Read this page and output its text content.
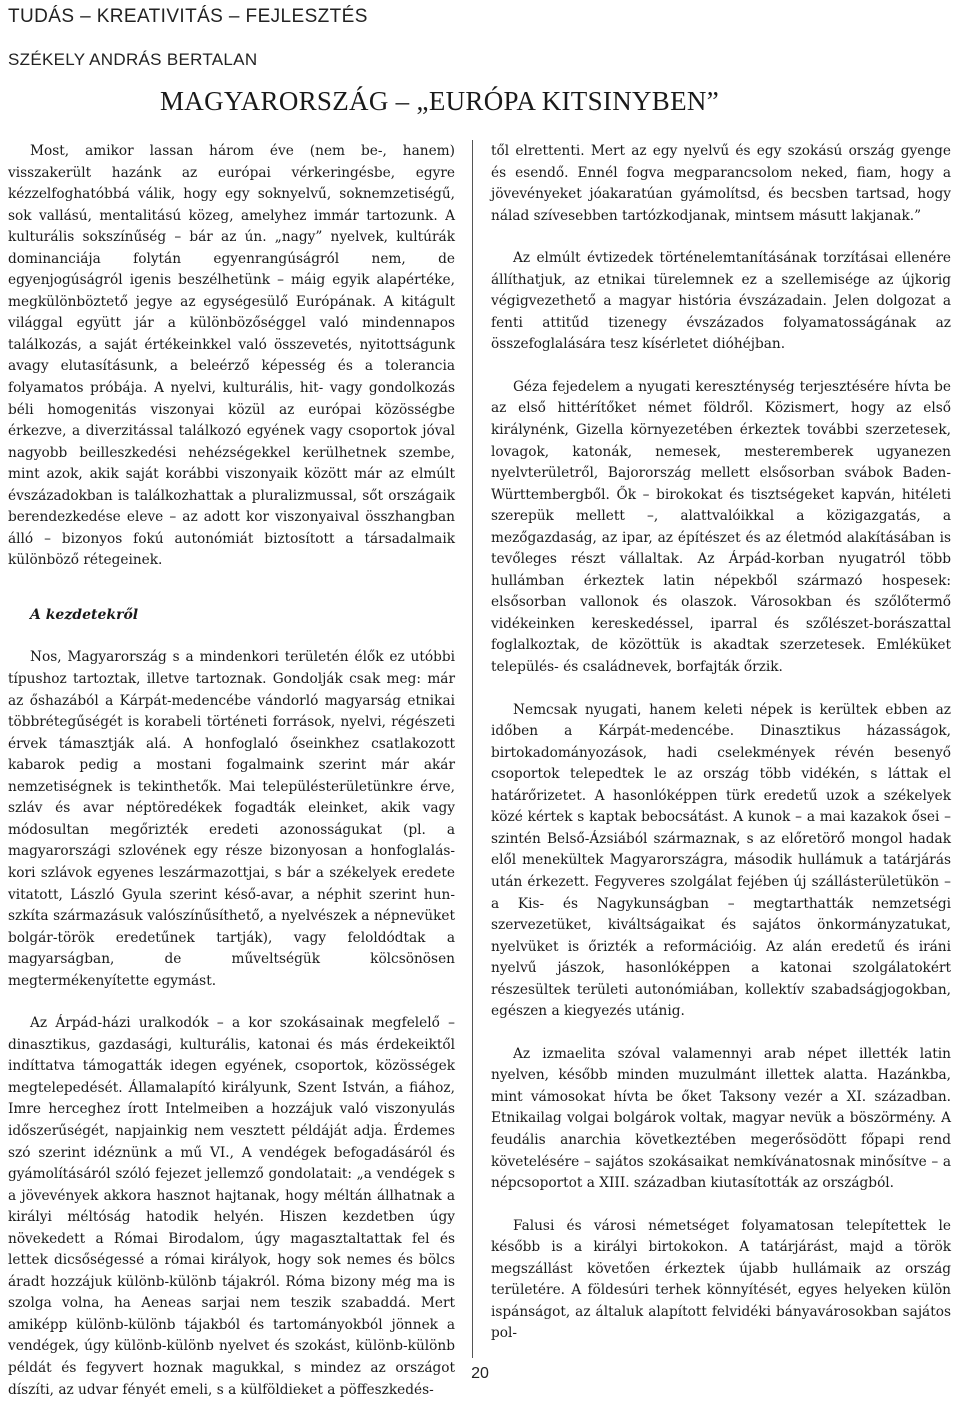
TUDÁS – KREATIVITÁS – FEJLESZTÉS
SZÉKELY ANDRÁS BERTALAN
MAGYARORSZÁG – „EURÓPA KITSINYBEN”

Most, amikor lassan három éve (nem be-, hanem) visszakerült hazánk az európai vérkeringésbe, egyre kézzelfoghatóbbá válik, hogy egy soknyelvű, soknemzetiségű, sok vallású, mentalitású közeg, amelyhez immár tartozunk. A kulturális sokszínűség – bár az ún. „nagy” nyelvek, kultúrák dominanciája folytán egyenrangúságról nem, de egyenjogúságról igenis beszélhetünk – máig egyik alapértéke, megkülönböztető jegye az egységesülő Európának. A kitágult világgal együtt jár a különbözőséggel való mindennapos találkozás, a saját értékeinkkel való összevetés, nyitottságunk avagy elutasításunk, a beleérző képesség és a tolerancia folyamatos próbája. A nyelvi, kulturális, hit- vagy gondolkozás béli homogenitás viszonyai közül az európai közösségbe érkezve, a diverzitással találkozó egyének vagy csoportok jóval nagyobb beilleszkedési nehézségekkel kerülhetnek szembe, mint azok, akik saját korábbi viszonyaik között már az elmúlt évszázadokban is találkozhattak a pluralizmussal, sőt országaik berendezkedése eleve – az adott kor viszonyaival összhangban álló – bizonyos fokú autonómiát biztosított a társadalmaik különböző rétegeinek.

A kezdetekről

Nos, Magyarország s a mindenkori területén élők ez utóbbi típushoz tartoztak, illetve tartoznak. Gondolják csak meg: már az őshazából a Kárpát-medencébe vándorló magyarság etnikai többrétegűségét is korabeli történeti források, nyelvi, régészeti érvek támasztják alá. A honfoglaló őseinkhez csatlakozott kabarok pedig a mostani fogalmaink szerint már akár nemzetiségnek is tekinthetők. Mai településterületünkre érve, szláv és avar néptöredékek fogadták eleinket, akik vagy módosultan megőrizték eredeti azonosságukat (pl. a magyarországi szlovének egy része bizonyosan a honfoglalás-kori szlávok egyenes leszármazottjai, s bár a székelyek eredete vitatott, László Gyula szerint késő-avar, a néphit szerint hun-szkíta származásuk valószínűsíthető, a nyelvészek a népnevüket bolgár-török eredetűnek tartják), vagy feloldódtak a magyarságban, de műveltségük kölcsönösen megtermékenyítette egymást.

Az Árpád-házi uralkodók – a kor szokásainak megfelelő – dinasztikus, gazdasági, kulturális, katonai és más érdekeiktől indíttatva támogatták idegen egyének, csoportok, közösségek megtelepedését. Államalapító királyunk, Szent István, a fiához, Imre herceghez írott Intelmeiben a hozzájuk való viszonyulás időszerűségét, napjainkig nem vesztett példáját adja. Érdemes szó szerint idéznünk a mű VI., A vendégek befogadásáról és gyámolításáról szóló fejezet jellemző gondolatait: „a vendégek s a jövevények akkora hasznot hajtanak, hogy méltán állhatnak a királyi méltóság hatodik helyén. Hiszen kezdetben úgy növekedett a Római Birodalom, úgy magasztaltattak fel és lettek dicsőségessé a római királyok, hogy sok nemes és bölcs áradt hozzájuk különb-különb tájakról. Róma bizony még ma is szolga volna, ha Aeneas sarjai nem teszik szabaddá. Mert amiképp különb-különb tájakból és tartományokból jönnek a vendégek, úgy különb-különb nyelvet és szokást, különb-különb példát és fegyvert hoznak magukkal, s mindez az országot díszíti, az udvar fényét emeli, s a külföldieket a pöffeszkedés-

től elrettenti. Mert az egy nyelvű és egy szokású ország gyenge és esendő. Ennél fogva megparancsolom neked, fiam, hogy a jövevényeket jóakaratúan gyámolítsd, és becsben tartsad, hogy nálad szívesebben tartózkodjanak, mintsem másutt lakjanak.”

Az elmúlt évtizedek történelemtanításának torzításai ellenére állíthatjuk, az etnikai türelemnek ez a szellemisége az újkorig végigvezethető a magyar história évszázadain. Jelen dolgozat a fenti attitűd tizenegy évszázados folyamatosságának az összefoglalására tesz kísérletet dióhéjban.

Géza fejedelem a nyugati kereszténység terjesztésére hívta be az első hittérítőket német földről. Közismert, hogy az első királynénk, Gizella környezetében érkeztek további szerzetesek, lovagok, katonák, nemesek, mesteremberek ugyanezen nyelvterületről, Bajorország mellett elsősorban svábok Baden-Württembergből. Ők – birokokat és tisztségeket kapván, hitéleti szerepük mellett –, alattvalóikkal a közigazgatás, a mezőgazdaság, az ipar, az építészet és az életmód alakításában is tevőleges részt vállaltak. Az Árpád-korban nyugatról több hullámban érkeztek latin népekből származó hospesek: elsősorban vallonok és olaszok. Városokban és szőlőtermő vidékeinken kereskedéssel, iparral és szőlészet-borászattal foglalkoztak, de közöttük is akadtak szerzetesek. Emléküket település- és családnevek, borfajták őrzik.

Nemcsak nyugati, hanem keleti népek is kerültek ebben az időben a Kárpát-medencébe. Dinasztikus házasságok, birtokadományozások, hadi cselekmények révén besenyő csoportok telepedtek le az ország több vidékén, s láttak el határőrizetet. A hasonlóképpen türk eredetű uzok a székelyek közé kértek s kaptak bebocsátást. A kunok – a mai kazakok ősei – szintén Belső-Ázsiából származnak, s az előretörő mongol hadak elől menekültek Magyarországra, második hullámuk a tatárjárás után érkezett. Fegyveres szolgálat fejében új szállásterületükön – a Kis- és Nagykunságban – megtarthatták nemzetségi szervezetüket, kiváltságaikat és sajátos önkormányzatukat, nyelvüket is őrizték a reformációig. Az alán eredetű és iráni nyelvű jászok, hasonlóképpen a katonai szolgálatokért részesültek területi autonómiában, kollektív szabadságjogokban, egészen a kiegyezés utánig.

Az izmaelita szóval valamennyi arab népet illették latin nyelven, később minden muzulmánt illettek alatta. Hazánkba, mint vámosokat hívta be őket Taksony vezér a XI. században. Etnikailag volgai bolgárok voltak, magyar nevük a böszörmény. A feudális anarchia következtében megerősödött főpapi rend követelésére – sajátos szokásaikat nemkívánatosnak minősítve – a népcsoportot a XIII. században kiutasították az országból.

Falusi és városi németséget folyamatosan telepítettek le később is a királyi birtokokon. A tatárjárást, majd a török megszállást követően érkeztek újabb hullámaik az ország területére. A földesúri terhek könnyítését, egyes helyeken külön ispánságot, az általuk alapított felvidéki bányavárosokban sajátos pol-

20
